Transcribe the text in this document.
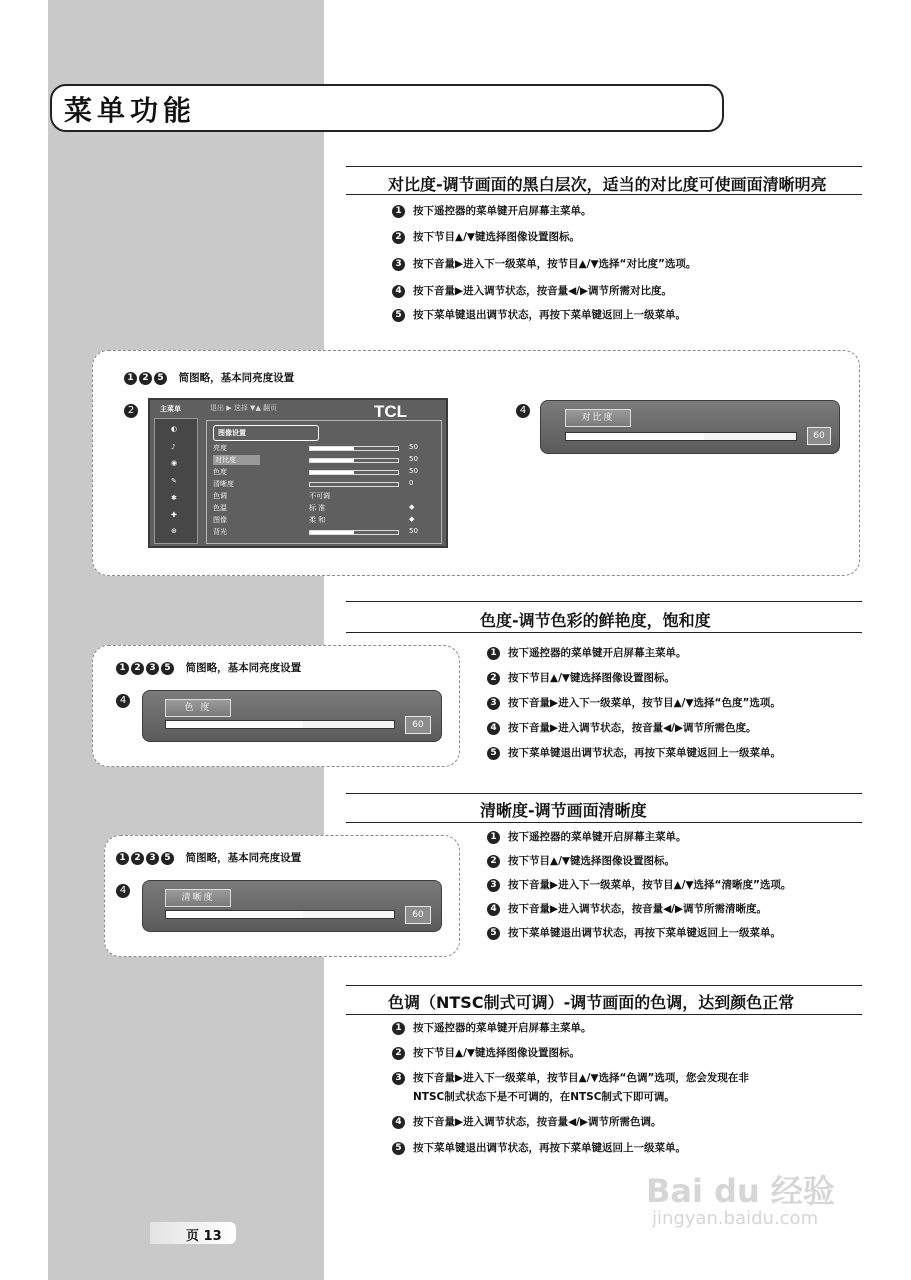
菜单功能
对比度-调节画面的黑白层次，适当的对比度可使画面清晰明亮
1 按下遥控器的菜单键开启屏幕主菜单。
2 按下节目▲/▼键选择图像设置图标。
3 按下音量▶进入下一级菜单，按节目▲/▼选择“对比度”选项。
4 按下音量▶进入调节状态，按音量◀/▶调节所需对比度。
5 按下菜单键退出调节状态，再按下菜单键返回上一级菜单。
1 2 5 简图略，基本同亮度设置
2	4
主菜单
◐
♪
◉
✎
✱
✚
⊕
退出 ▶ 选择 ▼▲ 翻页	TCL
图像设置
亮度	50
对比度	50
色度	50
清晰度	0
色调	不可调
色温	标 准	◆
图像	柔 和	◆
背光	50
对比度
60
色度-调节色彩的鲜艳度，饱和度
1 按下遥控器的菜单键开启屏幕主菜单。
2 按下节目▲/▼键选择图像设置图标。
3 按下音量▶进入下一级菜单，按节目▲/▼选择“色度”选项。
4 按下音量▶进入调节状态，按音量◀/▶调节所需色度。
5 按下菜单键退出调节状态，再按下菜单键返回上一级菜单。
1 2 3 5 简图略，基本同亮度设置
4
色 度
60
清晰度-调节画面清晰度
1 按下遥控器的菜单键开启屏幕主菜单。
2 按下节目▲/▼键选择图像设置图标。
3 按下音量▶进入下一级菜单，按节目▲/▼选择“清晰度”选项。
4 按下音量▶进入调节状态，按音量◀/▶调节所需清晰度。
5 按下菜单键退出调节状态，再按下菜单键返回上一级菜单。
1 2 3 5 简图略，基本同亮度设置
4
清晰度
60
色调（NTSC制式可调）-调节画面的色调，达到颜色正常
1 按下遥控器的菜单键开启屏幕主菜单。
2 按下节目▲/▼键选择图像设置图标。
3 按下音量▶进入下一级菜单，按节目▲/▼选择“色调”选项，您会发现在非
NTSC制式状态下是不可调的，在NTSC制式下即可调。
4 按下音量▶进入调节状态，按音量◀/▶调节所需色调。
5 按下菜单键退出调节状态，再按下菜单键返回上一级菜单。
页 13
Bai du 经验
jingyan.baidu.com
